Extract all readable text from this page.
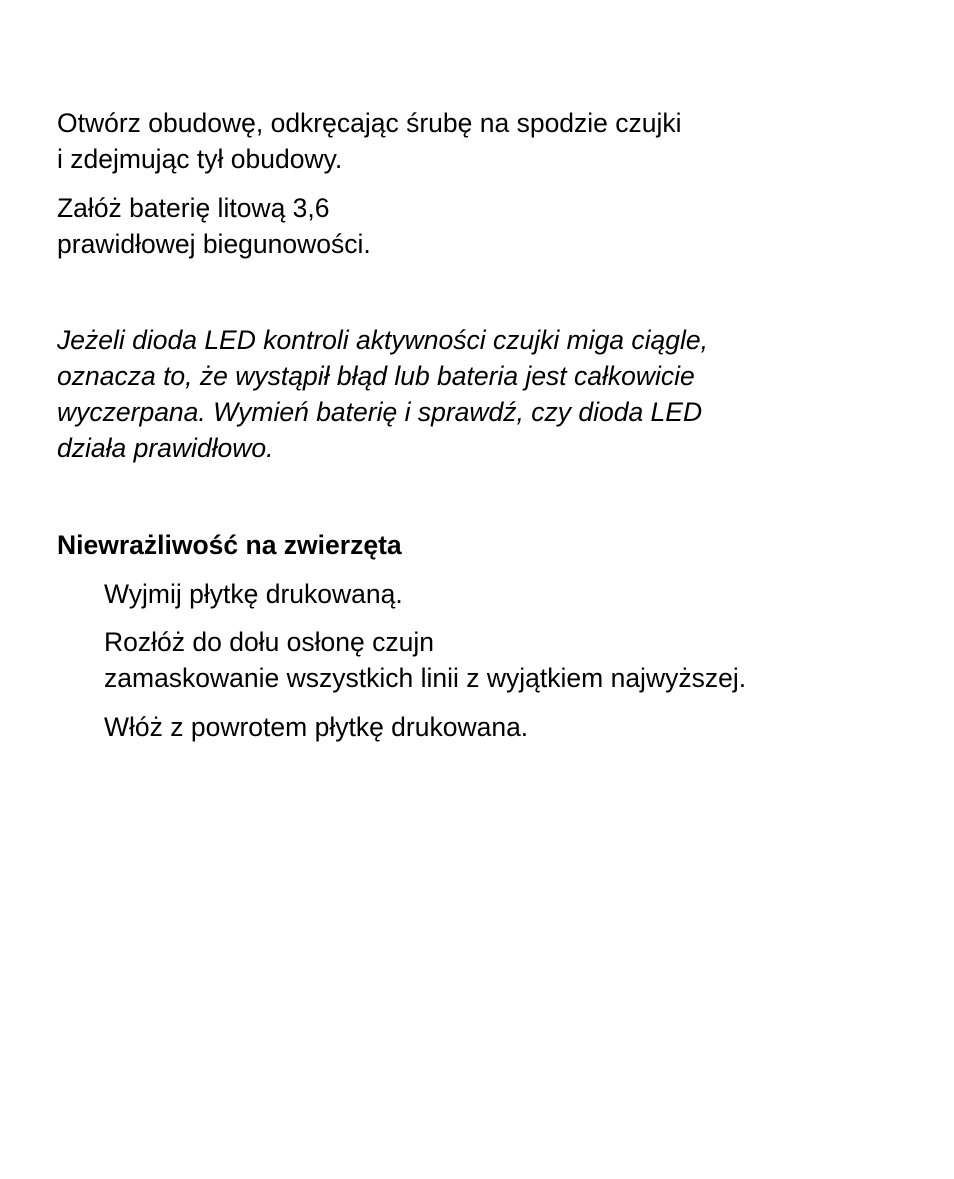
Otwórz obudowę, odkręcając śrubę na spodzie czujki
i zdejmując tył obudowy.
Załóż baterię litową 3,6
prawidłowej biegunowości.
Jeżeli dioda LED kontroli aktywności czujki miga ciągle,
oznacza to, że wystąpił błąd lub bateria jest całkowicie
wyczerpana. Wymień baterię i sprawdź, czy dioda LED
działa prawidłowo.
Niewrażliwość na zwierzęta
Wyjmij płytkę drukowaną.
Rozłóż do dołu osłonę czujn
zamaskowanie wszystkich linii z wyjątkiem najwyższej.
Włóż z powrotem płytkę drukowana.
